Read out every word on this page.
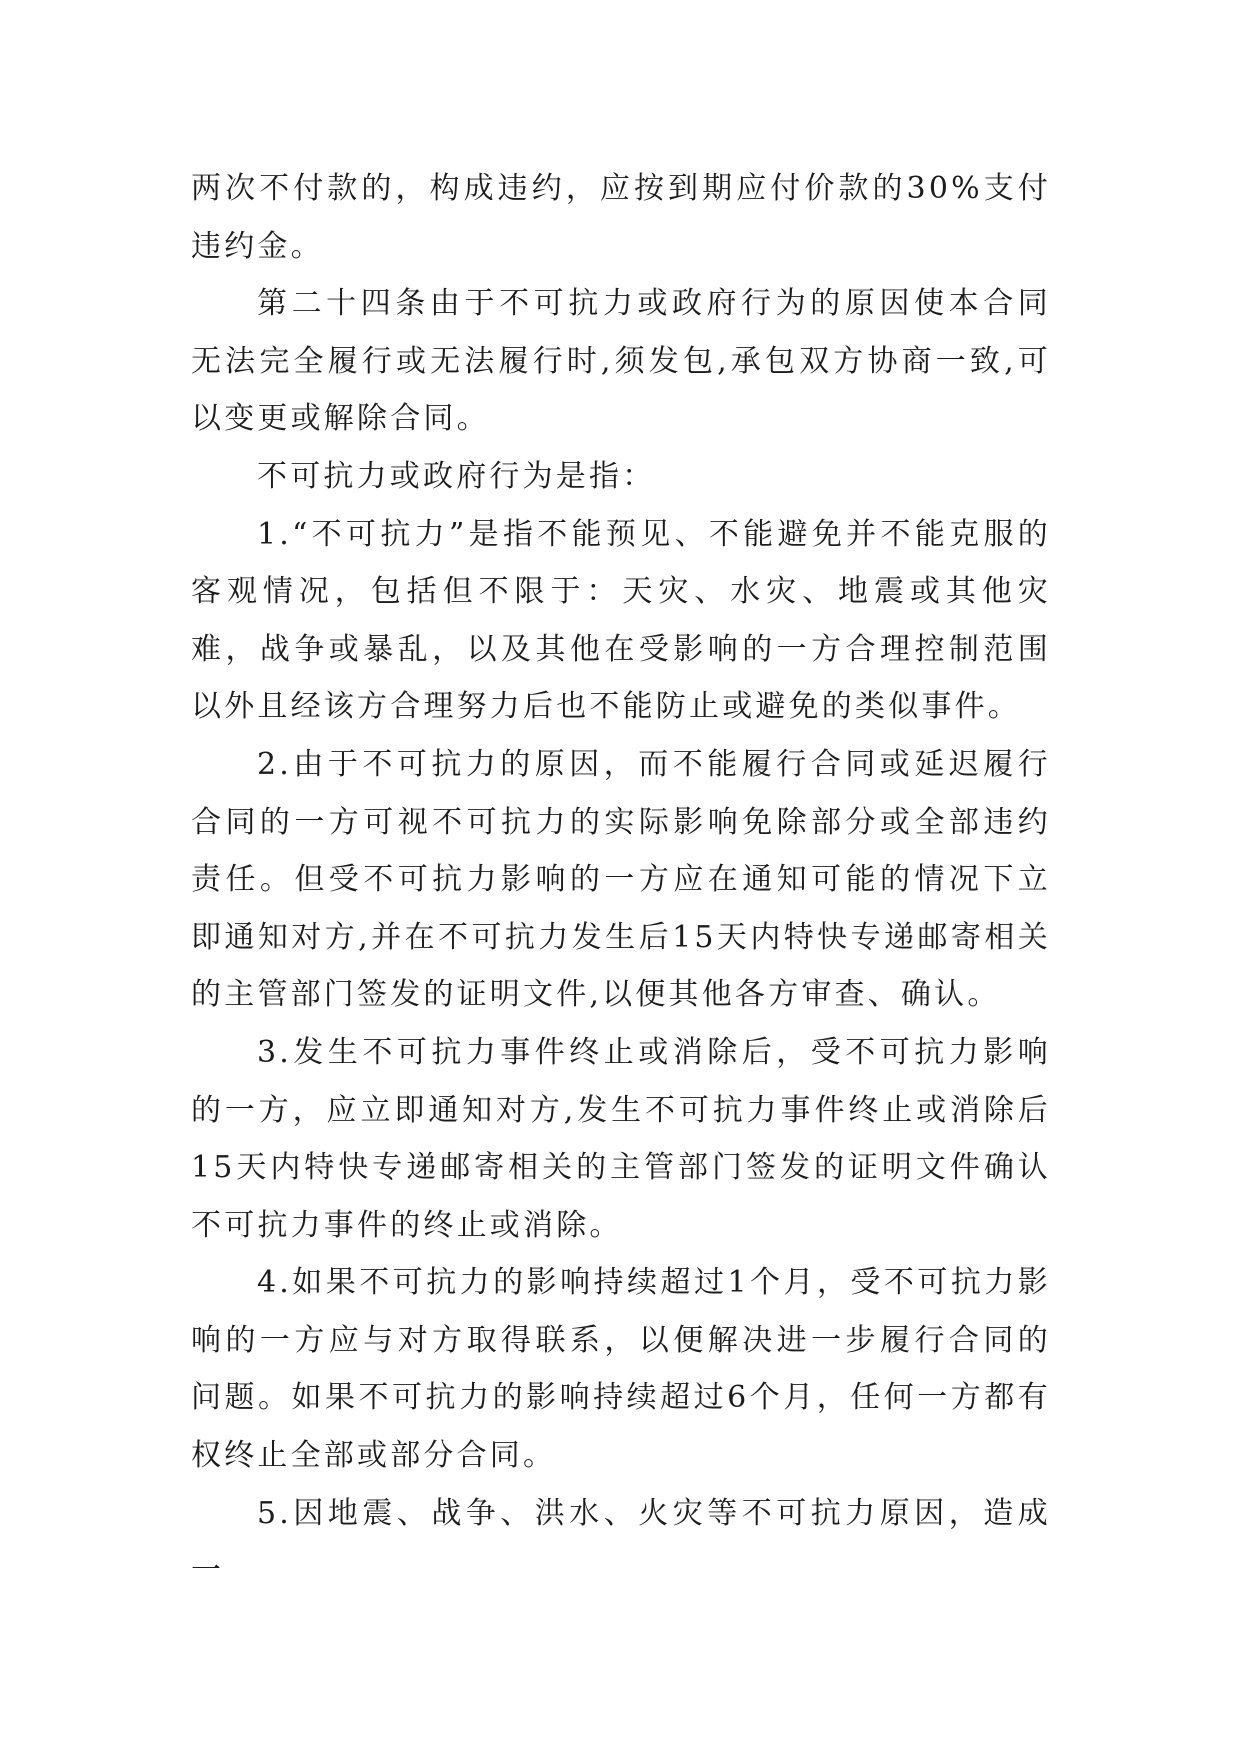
两次不付款的，构成违约，应按到期应付价款的30%支付违约金。

第二十四条由于不可抗力或政府行为的原因使本合同无法完全履行或无法履行时,须发包,承包双方协商一致,可以变更或解除合同。

不可抗力或政府行为是指：

1.“不可抗力”是指不能预见、不能避免并不能克服的客观情况，包括但不限于：天灾、水灾、地震或其他灾难，战争或暴乱，以及其他在受影响的一方合理控制范围以外且经该方合理努力后也不能防止或避免的类似事件。

2.由于不可抗力的原因，而不能履行合同或延迟履行合同的一方可视不可抗力的实际影响免除部分或全部违约责任。但受不可抗力影响的一方应在通知可能的情况下立即通知对方,并在不可抗力发生后15天内特快专递邮寄相关的主管部门签发的证明文件,以便其他各方审查、确认。

3.发生不可抗力事件终止或消除后，受不可抗力影响的一方，应立即通知对方,发生不可抗力事件终止或消除后15天内特快专递邮寄相关的主管部门签发的证明文件确认不可抗力事件的终止或消除。

4.如果不可抗力的影响持续超过1个月，受不可抗力影响的一方应与对方取得联系，以便解决进一步履行合同的问题。如果不可抗力的影响持续超过6个月，任何一方都有权终止全部或部分合同。

5.因地震、战争、洪水、火灾等不可抗力原因，造成一
